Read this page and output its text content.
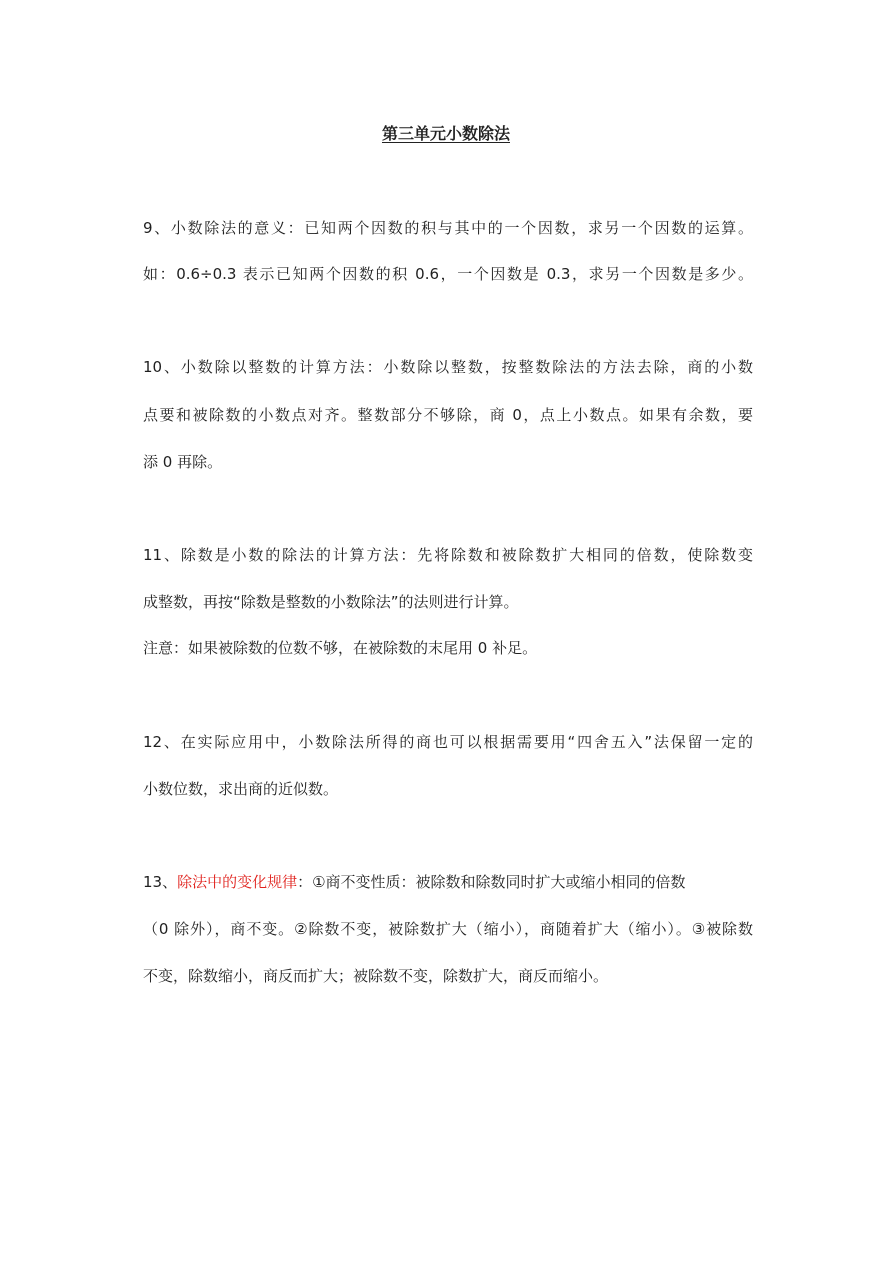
第三单元小数除法
9、小数除法的意义：已知两个因数的积与其中的一个因数，求另一个因数的运算。
如：0.6÷0.3 表示已知两个因数的积 0.6，一个因数是 0.3，求另一个因数是多少。
10、小数除以整数的计算方法：小数除以整数，按整数除法的方法去除，商的小数
点要和被除数的小数点对齐。整数部分不够除，商 0，点上小数点。如果有余数，要
添 0 再除。
11、除数是小数的除法的计算方法：先将除数和被除数扩大相同的倍数，使除数变
成整数，再按“除数是整数的小数除法”的法则进行计算。
注意：如果被除数的位数不够，在被除数的末尾用 0 补足。
12、在实际应用中，小数除法所得的商也可以根据需要用“四舍五入”法保留一定的
小数位数，求出商的近似数。
13、除法中的变化规律：①商不变性质：被除数和除数同时扩大或缩小相同的倍数
（0 除外），商不变。②除数不变，被除数扩大（缩小），商随着扩大（缩小）。③被除数
不变，除数缩小，商反而扩大；被除数不变，除数扩大，商反而缩小。
